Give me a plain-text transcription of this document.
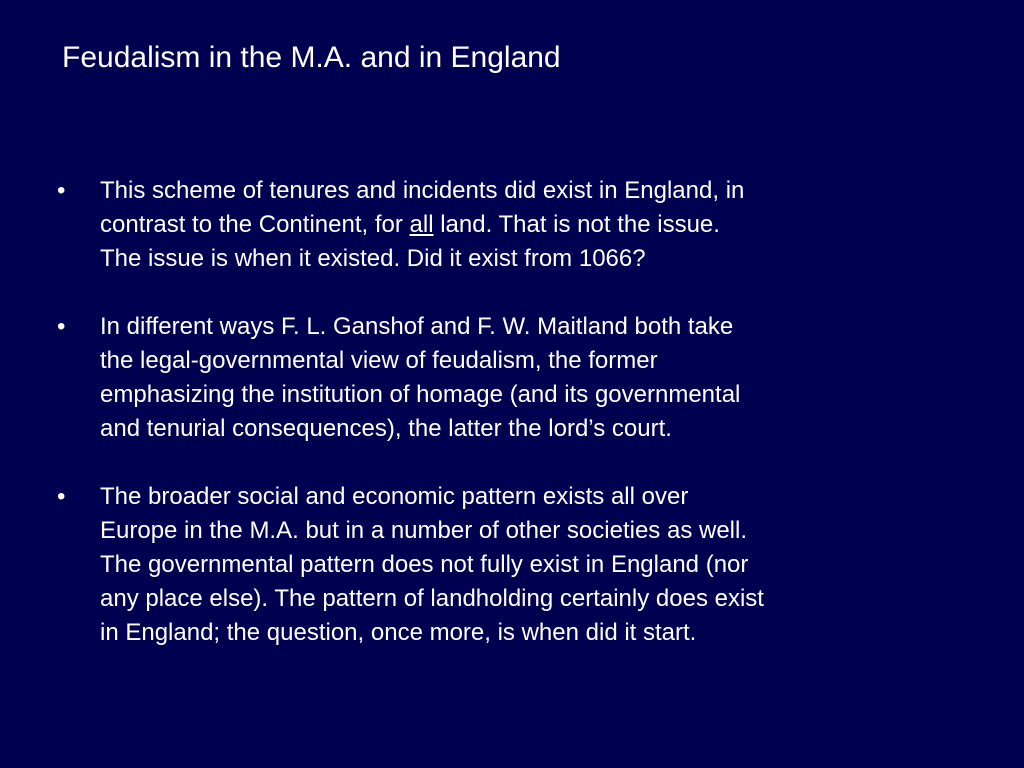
Feudalism in the M.A. and in England
•	This scheme of tenures and incidents did exist in England, in
contrast to the Continent, for all land. That is not the issue.
The issue is when it existed. Did it exist from 1066?
•	In different ways F. L. Ganshof and F. W. Maitland both take
the legal-governmental view of feudalism, the former
emphasizing the institution of homage (and its governmental
and tenurial consequences), the latter the lord’s court.
•	The broader social and economic pattern exists all over
Europe in the M.A. but in a number of other societies as well.
The governmental pattern does not fully exist in England (nor
any place else). The pattern of landholding certainly does exist
in England; the question, once more, is when did it start.
